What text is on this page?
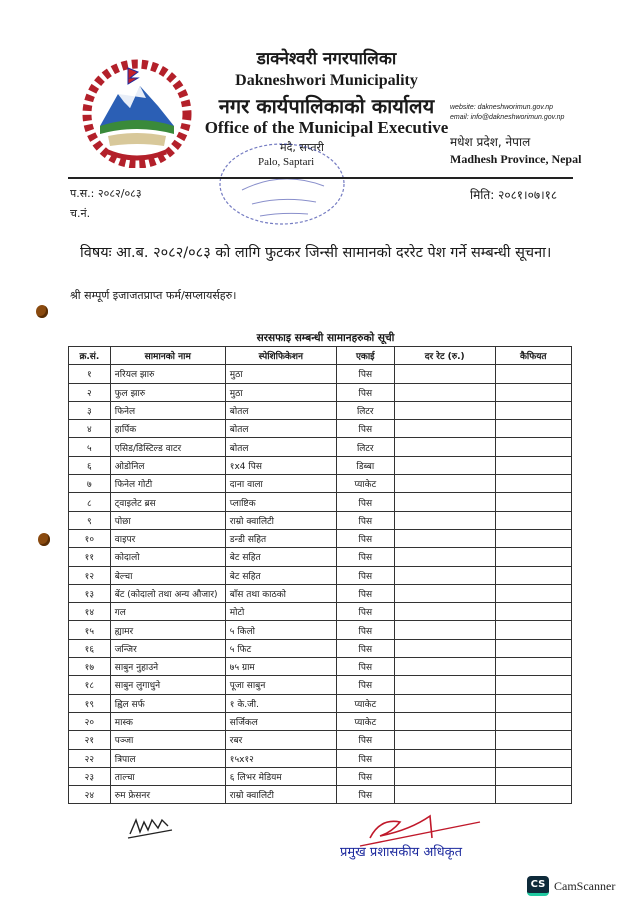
डाक्नेश्वरी नगरपालिका
Dakneshwori Municipality
नगर कार्यपालिकाको कार्यालय
Office of the Municipal Executive
मदै, सप्तरी
Palo, Saptari
website: dakneshworimun.gov.np
email: info@dakneshworimun.gov.np
मधेश प्रदेश, नेपाल
Madhesh Province, Nepal
प.स.: २०८२/०८३
च.नं.
मिति: २०८१।०७।१८
विषयः आ.ब. २०८२/०८३ को लागि फुटकर जिन्सी सामानको दररेट पेश गर्ने सम्बन्धी सूचना।
श्री सम्पूर्ण इजाजतप्राप्त फर्म/सप्लायर्सहरु।
सरसफाइ सम्बन्धी सामानहरुको सूची
क्र.सं.	सामानको नाम	स्पेशिफिकेशन	एकाई	दर रेट (रु.)	कैफियत
१	नरियल झारु	मुठा	पिस		
२	फुल झारु	मुठा	पिस		
३	फिनेल	बोतल	लिटर		
४	हार्पिक	बोतल	पिस		
५	एसिड/डिस्टिल्ड वाटर	बोतल	लिटर		
६	ओडोनिल	१x4 पिस	डिब्बा		
७	फिनेल गोटी	दाना वाला	प्याकेट		
८	ट्वाइलेट ब्रस	प्लाष्टिक	पिस		
९	पोछा	राम्रो क्वालिटी	पिस		
१०	वाइपर	डन्डी सहित	पिस		
११	कोदालो	बेट सहित	पिस		
१२	बेल्चा	बेट सहित	पिस		
१३	बेंट (कोदालो तथा अन्य औजार)	बाँस तथा काठको	पिस		
१४	गल	मोटो	पिस		
१५	ह्यामर	५ किलो	पिस		
१६	जन्जिर	५ फिट	पिस		
१७	साबुन नुहाउने	७५ ग्राम	पिस		
१८	साबुन लुगाधुने	पूजा साबुन	पिस		
१९	ह्विल सर्फ	१ के.जी.	प्याकेट		
२०	मास्क	सर्जिकल	प्याकेट		
२१	पञ्जा	रबर	पिस		
२२	त्रिपाल	१५x१२	पिस		
२३	ताल्चा	६ लिभर मेडियम	पिस		
२४	रुम फ्रेसनर	राम्रो क्वालिटी	पिस		
प्रमुख प्रशासकीय अधिकृत
CS CamScanner
